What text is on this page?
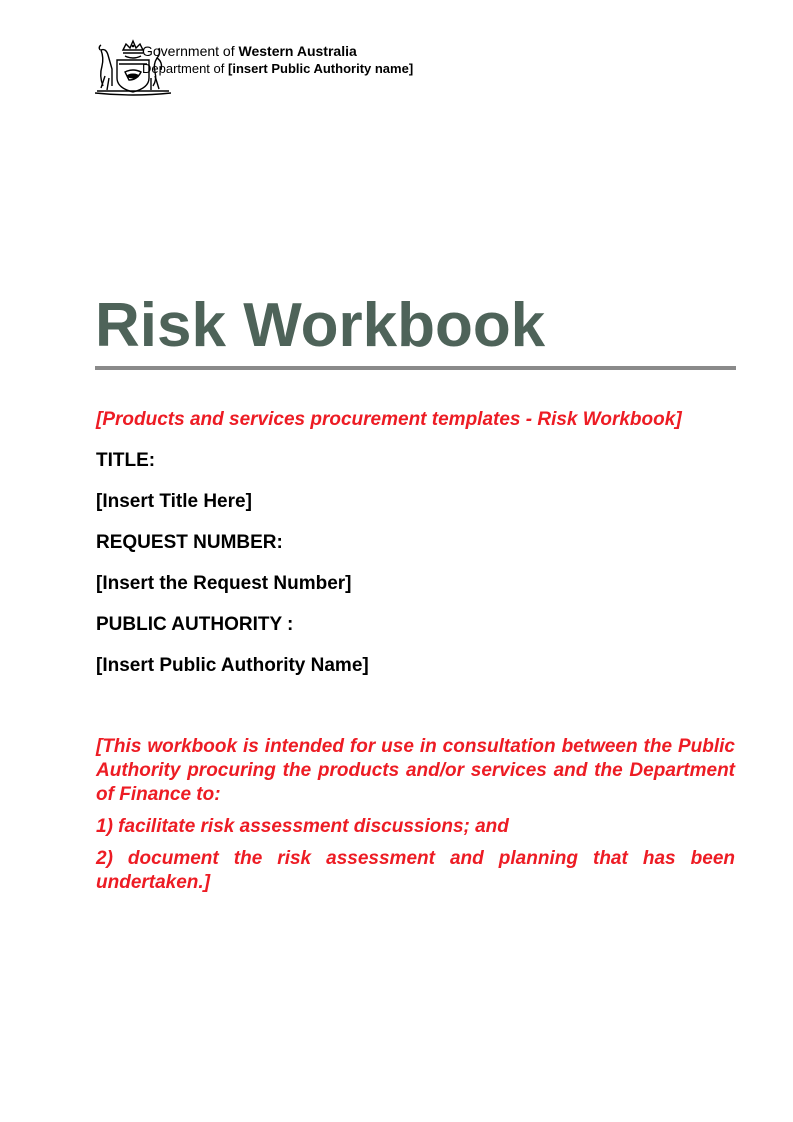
Government of Western Australia
Department of [insert Public Authority name]
Risk Workbook

[Products and services procurement templates - Risk Workbook]

TITLE:

[Insert Title Here]

REQUEST NUMBER:

[Insert the Request Number]

PUBLIC AUTHORITY :

[Insert Public Authority Name]

[This workbook is intended for use in consultation between the Public Authority procuring the products and/or services and the Department of Finance to:

1) facilitate risk assessment discussions; and

2) document the risk assessment and planning that has been undertaken.]
